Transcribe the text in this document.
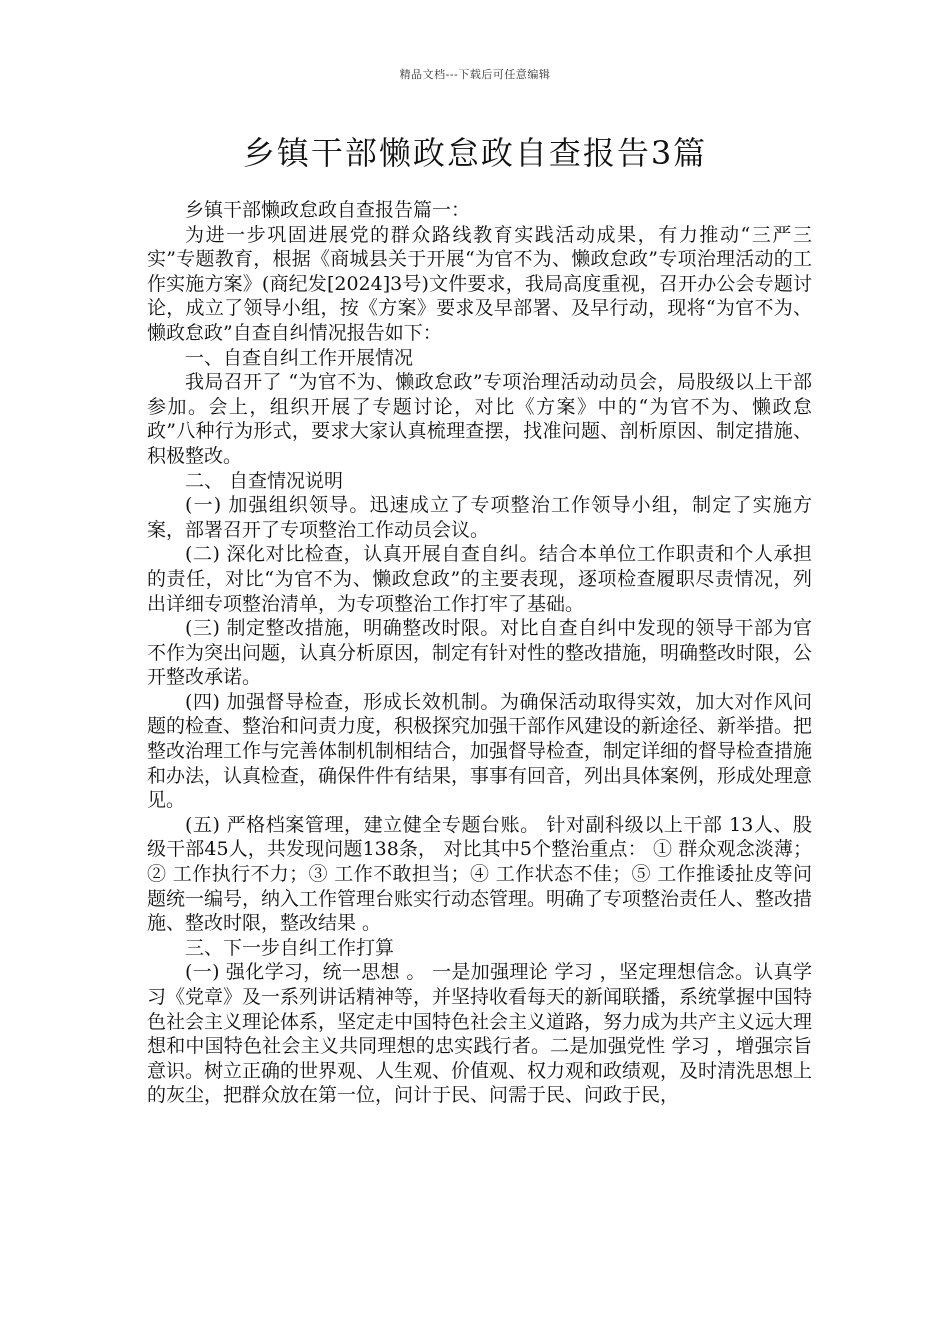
精品文档---下载后可任意编辑
乡镇干部懒政怠政自查报告3篇

乡镇干部懒政怠政自查报告篇一：

为进一步巩固进展党的群众路线教育实践活动成果，有力推动“三严三实”专题教育，根据《商城县关于开展“为官不为、懒政怠政”专项治理活动的工作实施方案》(商纪发[2024]3号)文件要求，我局高度重视，召开办公会专题讨论，成立了领导小组，按《方案》要求及早部署、及早行动，现将“为官不为、懒政怠政”自查自纠情况报告如下：

一、自查自纠工作开展情况

我局召开了 “为官不为、懒政怠政”专项治理活动动员会，局股级以上干部参加。会上，组织开展了专题讨论，对比《方案》中的“为官不为、懒政怠政”八种行为形式，要求大家认真梳理查摆，找准问题、剖析原因、制定措施、积极整改。

二、 自查情况说明

(一) 加强组织领导。迅速成立了专项整治工作领导小组，制定了实施方案，部署召开了专项整治工作动员会议。

(二) 深化对比检查，认真开展自查自纠。结合本单位工作职责和个人承担的责任，对比“为官不为、懒政怠政”的主要表现，逐项检查履职尽责情况，列出详细专项整治清单，为专项整治工作打牢了基础。

(三) 制定整改措施，明确整改时限。对比自查自纠中发现的领导干部为官不作为突出问题，认真分析原因，制定有针对性的整改措施，明确整改时限，公开整改承诺。

(四) 加强督导检查，形成长效机制。为确保活动取得实效，加大对作风问题的检查、整治和问责力度，积极探究加强干部作风建设的新途径、新举措。把整改治理工作与完善体制机制相结合，加强督导检查，制定详细的督导检查措施和办法，认真检查，确保件件有结果，事事有回音，列出具体案例，形成处理意见。

(五) 严格档案管理，建立健全专题台账。 针对副科级以上干部 13人、股级干部45人，共发现问题138条， 对比其中5个整治重点： ① 群众观念淡薄；② 工作执行不力；③ 工作不敢担当；④ 工作状态不佳；⑤ 工作推诿扯皮等问题统一编号，纳入工作管理台账实行动态管理。明确了专项整治责任人、整改措施、整改时限，整改结果 。

三、下一步自纠工作打算

(一) 强化学习，统一思想 。 一是加强理论 学习 ，坚定理想信念。认真学习《党章》及一系列讲话精神等，并坚持收看每天的新闻联播，系统掌握中国特色社会主义理论体系，坚定走中国特色社会主义道路，努力成为共产主义远大理想和中国特色社会主义共同理想的忠实践行者。二是加强党性 学习 ，增强宗旨意识。树立正确的世界观、人生观、价值观、权力观和政绩观，及时清洗思想上的灰尘，把群众放在第一位，问计于民、问需于民、问政于民，
